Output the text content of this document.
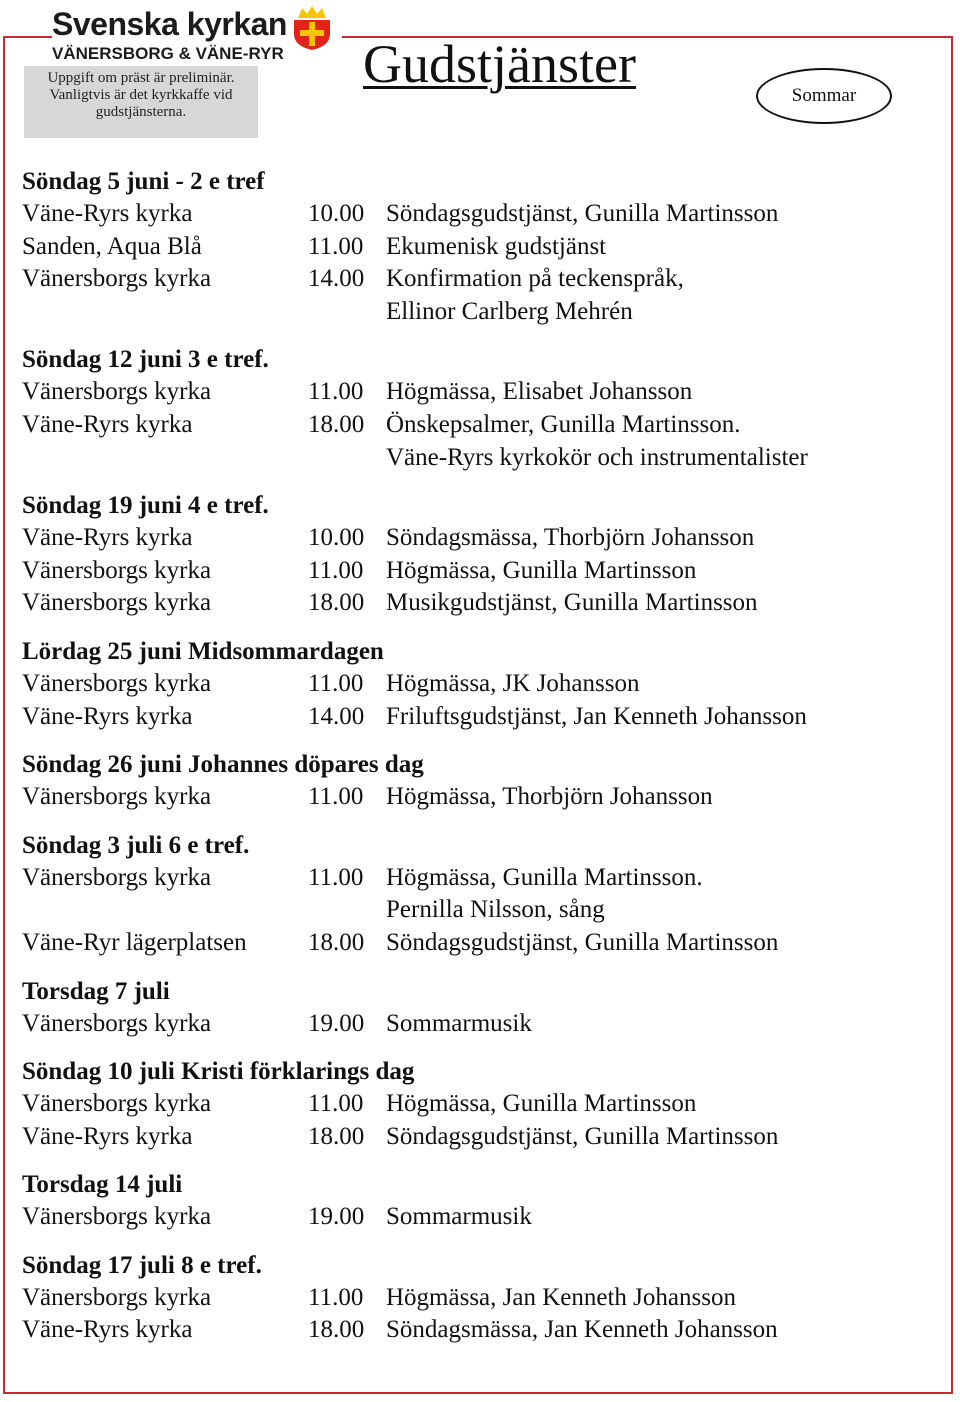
Svenska kyrkan
VÄNERSBORG & VÄNE-RYR
Uppgift om präst är preliminär.
Vanligtvis är det kyrkkaffe vid
gudstjänsterna.
Gudstjänster
Sommar
Söndag 5 juni - 2 e tref
Väne-Ryrs kyrka	10.00 Söndagsgudstjänst, Gunilla Martinsson
Sanden, Aqua Blå	11.00 Ekumenisk gudstjänst
Vänersborgs kyrka	14.00 Konfirmation på teckenspråk,
Ellinor Carlberg Mehrén
Söndag 12 juni 3 e tref.
Vänersborgs kyrka	11.00 Högmässa, Elisabet Johansson
Väne-Ryrs kyrka	18.00 Önskepsalmer, Gunilla Martinsson.
Väne-Ryrs kyrkokör och instrumentalister
Söndag 19 juni 4 e tref.
Väne-Ryrs kyrka	10.00 Söndagsmässa, Thorbjörn Johansson
Vänersborgs kyrka	11.00 Högmässa, Gunilla Martinsson
Vänersborgs kyrka	18.00 Musikgudstjänst, Gunilla Martinsson
Lördag 25 juni Midsommardagen
Vänersborgs kyrka	11.00 Högmässa, JK Johansson
Väne-Ryrs kyrka	14.00 Friluftsgudstjänst, Jan Kenneth Johansson
Söndag 26 juni Johannes döpares dag
Vänersborgs kyrka	11.00 Högmässa, Thorbjörn Johansson
Söndag 3 juli 6 e tref.
Vänersborgs kyrka	11.00 Högmässa, Gunilla Martinsson.
Pernilla Nilsson, sång
Väne-Ryr lägerplatsen 18.00 Söndagsgudstjänst, Gunilla Martinsson
Torsdag 7 juli
Vänersborgs kyrka	19.00 Sommarmusik
Söndag 10 juli Kristi förklarings dag
Vänersborgs kyrka	11.00 Högmässa, Gunilla Martinsson
Väne-Ryrs kyrka	18.00 Söndagsgudstjänst, Gunilla Martinsson
Torsdag 14 juli
Vänersborgs kyrka	19.00 Sommarmusik
Söndag 17 juli 8 e tref.
Vänersborgs kyrka	11.00 Högmässa, Jan Kenneth Johansson
Väne-Ryrs kyrka	18.00 Söndagsmässa, Jan Kenneth Johansson
